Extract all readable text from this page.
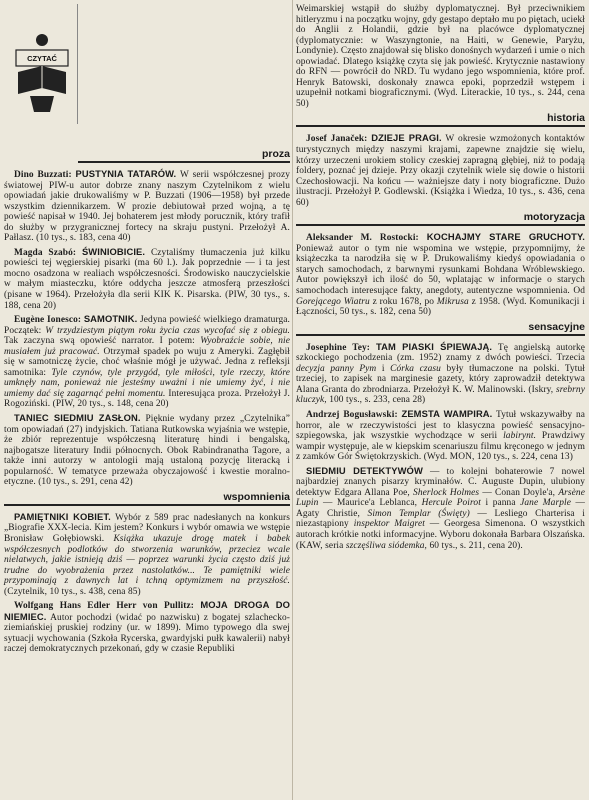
CZYTAĆ
proza

Dino Buzzati: PUSTYNIA TATARÓW. W serii współczesnej prozy światowej PIW-u autor dobrze znany naszym Czytelnikom z wielu opowiadań jakie drukowaliśmy w P. Buzzati (1906—1958) był przede wszystkim dziennikarzem. W prozie debiutował przed wojną, a tę powieść napisał w 1940. Jej bohaterem jest młody porucznik, który trafił do służby w przygranicznej fortecy na skraju pustyni. Przełożył A. Pałlasz. (10 tys., s. 183, cena 40)

Magda Szabó: ŚWINIOBICIE. Czytaliśmy tłumaczenia już kilku powieści tej węgierskiej pisarki (ma 60 l.). Jak poprzednie — i ta jest mocno osadzona w realiach współczesności. Środowisko nauczycielskie w małym miasteczku, które oddycha jeszcze atmosferą przeszłości (pisane w 1964). Przełożyła dla serii KIK K. Pisarska. (PIW, 30 tys., s. 188, cena 20)

Eugène Ionesco: SAMOTNIK. Jedyna powieść wielkiego dramaturga. Początek: W trzydziestym piątym roku życia czas wycofać się z obiegu. Tak zaczyna swą opowieść narrator. I potem: Wyobraźcie sobie, nie musiałem już pracować. Otrzymał spadek po wuju z Ameryki. Zagłębił się w samotniczę życie, choć właśnie mógł je używać. Jedna z refleksji samotnika: Tyle czynów, tyle przygód, tyle miłości, tyle rzeczy, które umknęły nam, ponieważ nie jesteśmy uważni i nie umiemy żyć, i nie umiemy dać się zagarnąć pełni momentu. Interesująca proza. Przełożył J. Rogoziński. (PIW, 20 tys., s. 148, cena 20)

TANIEC SIEDMIU ZASŁON. Pięknie wydany przez „Czytelnika” tom opowiadań (27) indyjskich. Tatiana Rutkowska wyjaśnia we wstępie, że zbiór reprezentuje współczesną literaturę hindi i bengalską, najbogatsze literatury Indii północnych. Obok Rabindranatha Tagore, a także inni autorzy w antologii mają ustaloną pozycję literacką i popularność. W tematyce przeważa obyczajowość i kwestie moralno-etyczne. (10 tys., s. 291, cena 42)

wspomnienia

PAMIĘTNIKI KOBIET. Wybór z 589 prac nadesłanych na konkurs „Biografie XXX-lecia. Kim jestem? Konkurs i wybór omawia we wstępie Bronisław Gołębiowski. Książka ukazuje drogę matek i babek współczesnych podlotków do stworzenia warunków, przeciez wcale nielatwych, jakie istnieją dziś — poprzez warunki życia często dziś już trudne do wyobrażenia przez nastolatków... Te pamiętniki wiele przypominają z dawnych lat i tchną optymizmem na przyszłość. (Czytelnik, 10 tys., s. 438, cena 85)

Wolfgang Hans Edler Herr von Pullitz: MOJA DROGA DO NIEMIEC. Autor pochodzi (widać po nazwisku) z bogatej szlachecko-ziemiańskiej pruskiej rodziny (ur. w 1899). Mimo typowego dla swej sytuacji wychowania (Szkoła Rycerska, gwardyjski pułk kawalerii) nabył raczej demokratycznych przekonań, gdy w czasie Republiki

Weimarskiej wstąpił do służby dyplomatycznej. Był przeciwnikiem hitleryzmu i na początku wojny, gdy gestapo deptało mu po piętach, uciekł do Anglii z Holandii, gdzie był na placówce dyplomatycznej (dyplomatycznie: w Waszyngtonie, na Haiti, w Genewie, Paryżu, Londynie). Często znajdował się blisko donośnych wydarzeń i umie o nich opowiadać. Dlatego książkę czyta się jak powieść. Krytycznie nastawiony do RFN — powrócił do NRD. Tu wydano jego wspomnienia, które prof. Henryk Batowski, doskonały znawca epoki, poprzedził wstępem i uzupełnił notkami biograficznymi. (Wyd. Literackie, 10 tys., s. 244, cena 50)

historia

Josef Janaček: DZIEJE PRAGI. W okresie wzmożonych kontaktów turystycznych między naszymi krajami, zapewne znajdzie się wielu, którzy urzeczeni urokiem stolicy czeskiej zapragną głębiej, niż to podają foldery, poznać jej dzieje. Przy okazji czytelnik wiele się dowie o historii Czechosłowacji. Na końcu — ważniejsze daty i noty biograficzne. Dużo ilustracji. Przełożył P. Godlewski. (Książka i Wiedza, 10 tys., s. 436, cena 60)

motoryzacja

Aleksander M. Rostocki: KOCHAJMY STARE GRUCHOTY. Ponieważ autor o tym nie wspomina we wstępie, przypomnijmy, że książeczka ta narodziła się w P. Drukowaliśmy kiedyś opowiadania o starych samochodach, z barwnymi rysunkami Bohdana Wróblewskiego. Autor powiększył ich ilość do 50, wplatając w informacje o starych samochodach interesujące fakty, anegdoty, autentyczne wspomnienia. Od Gorejącego Wiatru z roku 1678, po Mikrusa z 1958. (Wyd. Komunikacji i Łączności, 50 tys., s. 182, cena 50)

sensacyjne

Josephine Tey: TAM PIASKI ŚPIEWAJĄ. Tę angielską autorkę szkockiego pochodzenia (zm. 1952) znamy z dwóch powieści. Trzecia decyzja panny Pym i Córka czasu były tłumaczone na polski. Tytuł trzeciej, to zapisek na marginesie gazety, który zaprowadził detektywa Alana Granta do zbrodniarza. Przełożył K. W. Malinowski. (Iskry, srebrny kluczyk, 100 tys., s. 233, cena 28)

Andrzej Bogusławski: ZEMSTA WAMPIRA. Tytuł wskazywałby na horror, ale w rzeczywistości jest to klasyczna powieść sensacyjno-szpiegowska, jak wszystkie wychodzące w serii labirynt. Prawdziwy wampir występuje, ale w kiepskim scenariuszu filmu kręconego w jednym z zamków Gór Świętokrzyskich. (Wyd. MON, 120 tys., s. 224, cena 13)

SIEDMIU DETEKTYWÓW — to kolejni bohaterowie 7 nowel najbardziej znanych pisarzy kryminałów. C. Auguste Dupin, ulubiony detektyw Edgara Allana Poe, Sherlock Holmes — Conan Doyle'a, Arsène Lupin — Maurice'a Leblanca, Hercule Poirot i panna Jane Marple — Agaty Christie, Simon Templar (Święty) — Lesliego Charterisa i niezastąpiony inspektor Maigret — Georgesa Simenona. O wszystkich autorach krótkie notki informacyjne. Wyboru dokonała Barbara Olszańska. (KAW, seria szczęśliwa siódemka, 60 tys., s. 211, cena 20).
